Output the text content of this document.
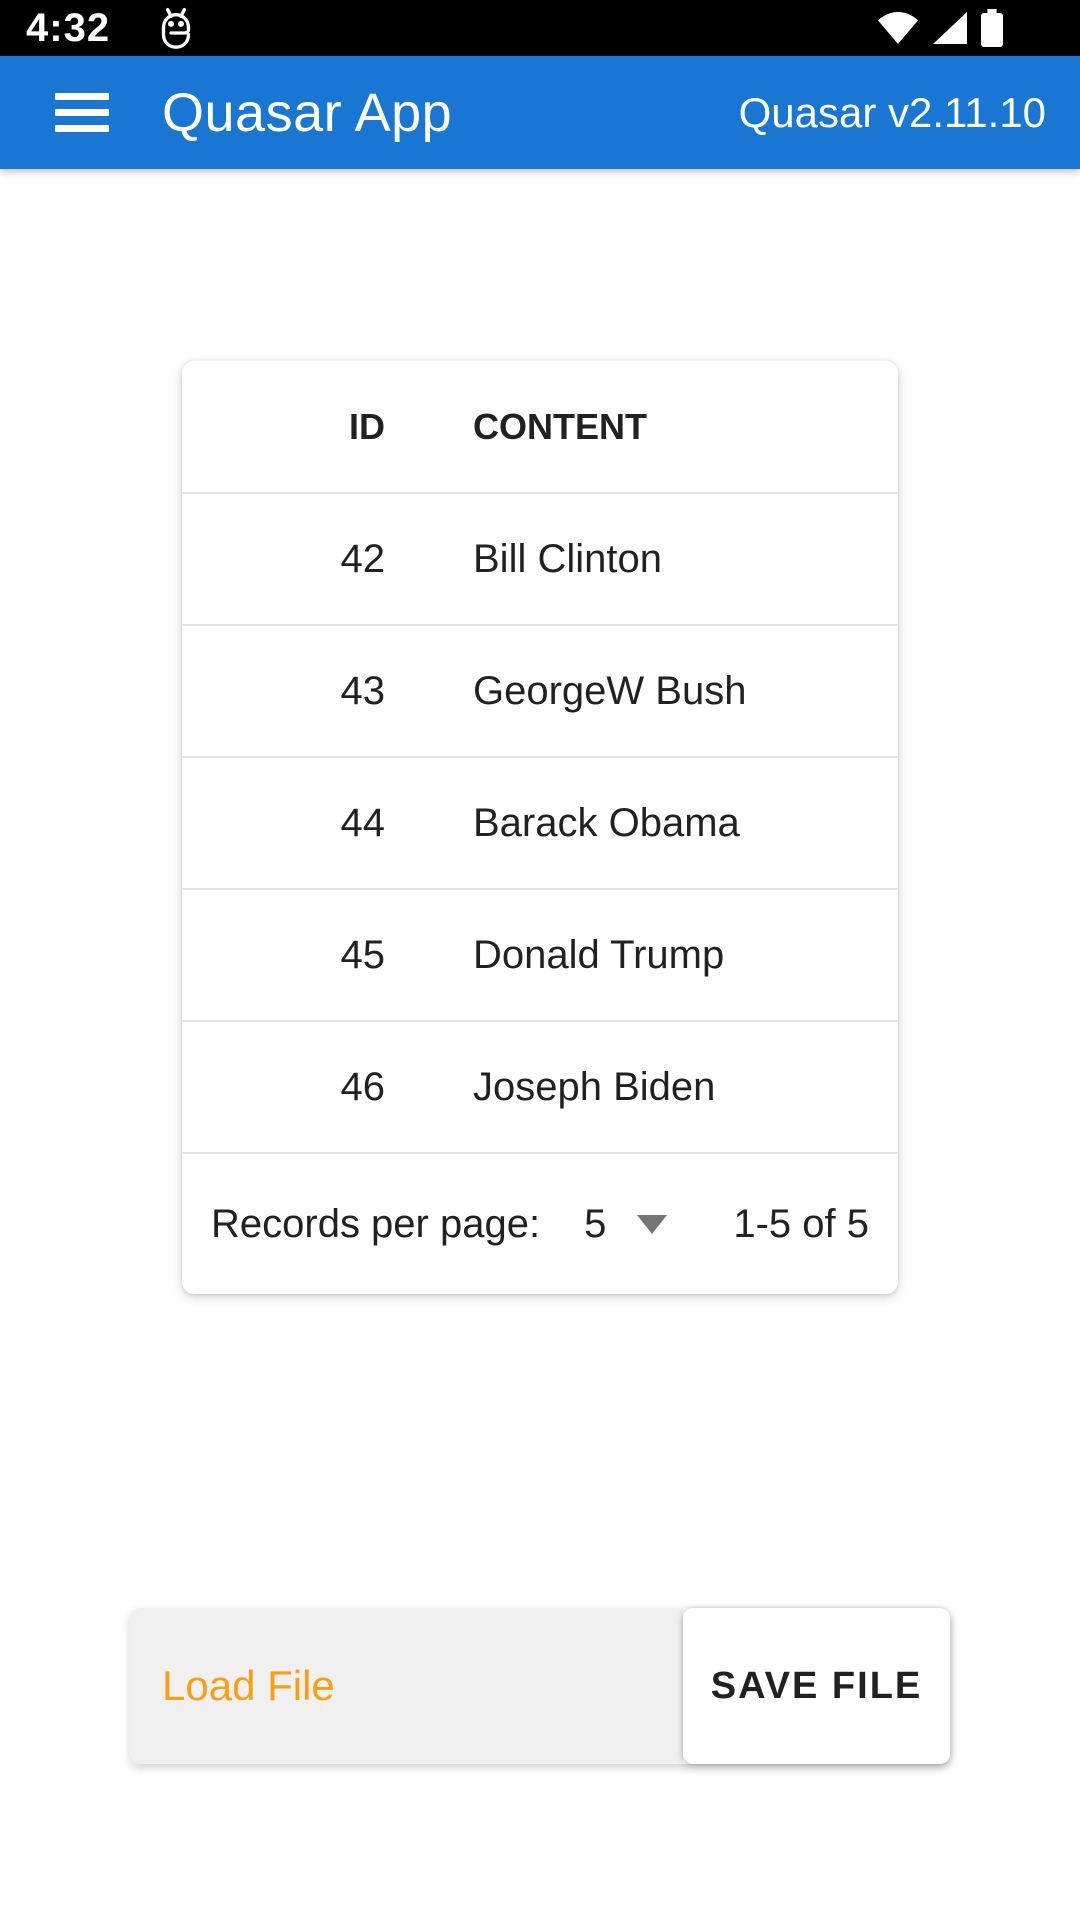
4:32
Quasar App	Quasar v2.11.10
ID CONTENT
42 Bill Clinton
43 GeorgeW Bush
44 Barack Obama
45 Donald Trump
46 Joseph Biden
Records per page: 5	1-5 of 5
Load File	SAVE FILE
